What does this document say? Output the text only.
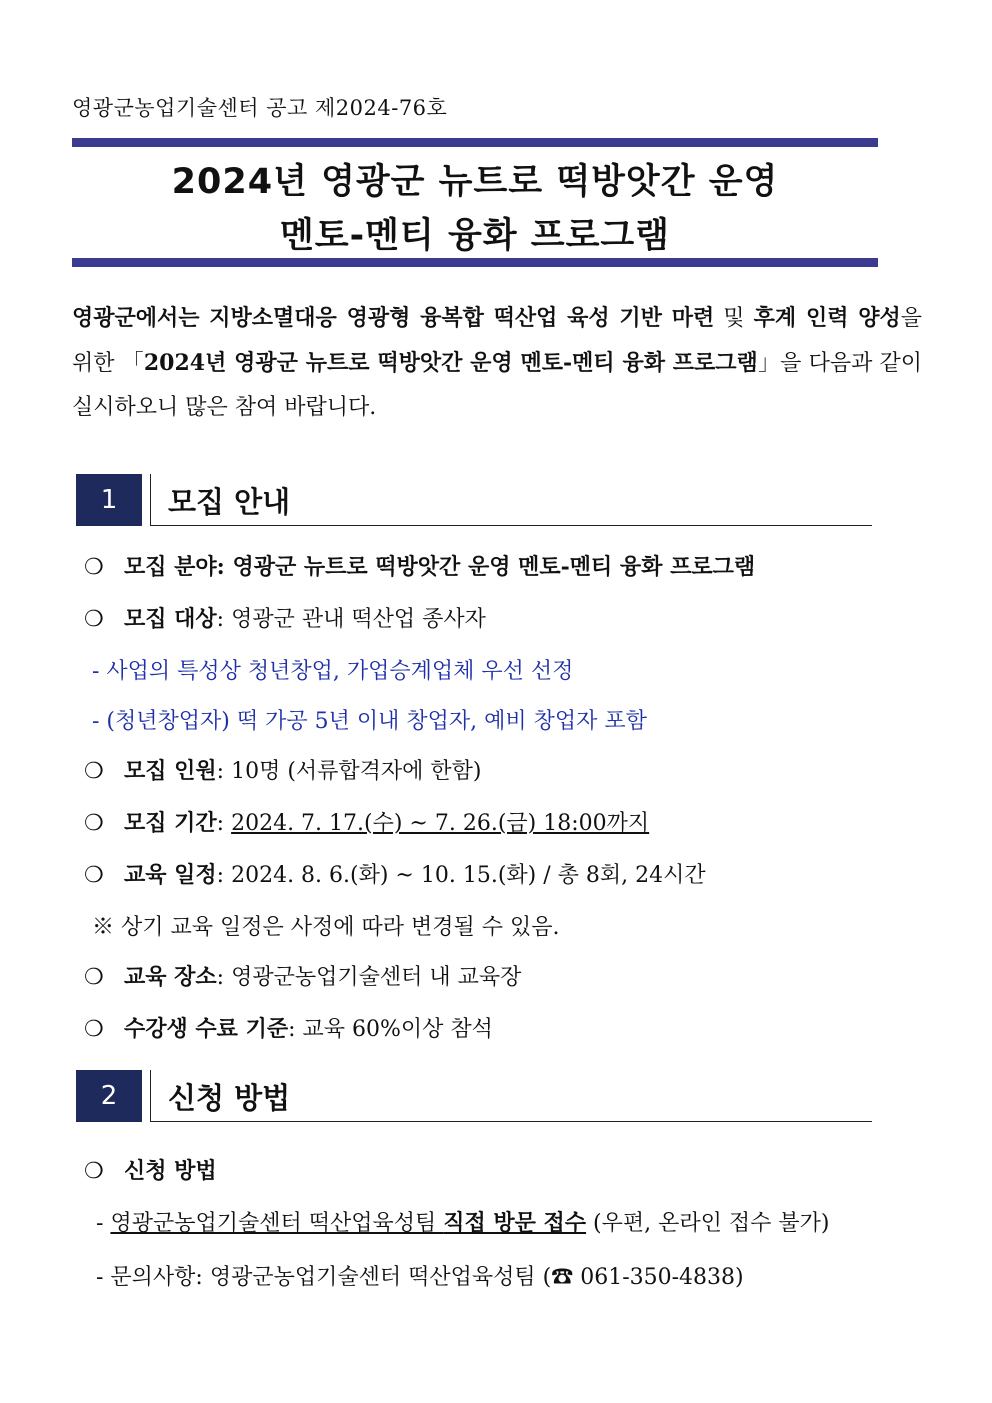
영광군농업기술센터 공고 제2024-76호
2024년 영광군 뉴트로 떡방앗간 운영
멘토-멘티 융화 프로그램
영광군에서는 지방소멸대응 영광형 융복합 떡산업 육성 기반 마련 및 후계 인력 양성을 위한 「2024년 영광군 뉴트로 떡방앗간 운영 멘토-멘티 융화 프로그램」을 다음과 같이 실시하오니 많은 참여 바랍니다.
1	모집 안내
❍ 모집 분야: 영광군 뉴트로 떡방앗간 운영 멘토-멘티 융화 프로그램
❍ 모집 대상: 영광군 관내 떡산업 종사자
- 사업의 특성상 청년창업, 가업승계업체 우선 선정
- (청년창업자) 떡 가공 5년 이내 창업자, 예비 창업자 포함
❍ 모집 인원: 10명 (서류합격자에 한함)
❍ 모집 기간: 2024. 7. 17.(수) ~ 7. 26.(금) 18:00까지
❍ 교육 일정: 2024. 8. 6.(화) ~ 10. 15.(화) / 총 8회, 24시간
※ 상기 교육 일정은 사정에 따라 변경될 수 있음.
❍ 교육 장소: 영광군농업기술센터 내 교육장
❍ 수강생 수료 기준: 교육 60%이상 참석
2	신청 방법
❍ 신청 방법
- 영광군농업기술센터 떡산업육성팀 직접 방문 접수 (우편, 온라인 접수 불가)
- 문의사항: 영광군농업기술센터 떡산업육성팀 (☎ 061-350-4838)
